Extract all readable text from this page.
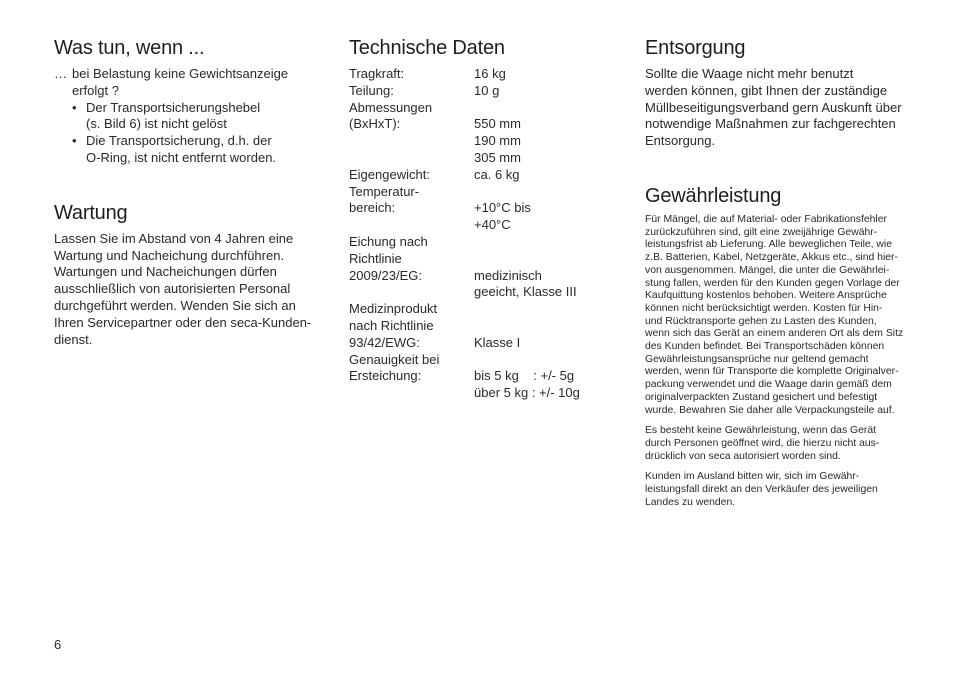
Was tun, wenn ...
… bei Belastung keine Gewichtsanzeige
erfolgt ?
• Der Transportsicherungshebel
(s. Bild 6) ist nicht gelöst
• Die Transportsicherung, d.h. der
O-Ring, ist nicht entfernt worden.
Wartung

Lassen Sie im Abstand von 4 Jahren eine

Wartung und Nacheichung durchführen.

Wartungen und Nacheichungen dürfen

ausschließlich von autorisierten Personal

durchgeführt werden. Wenden Sie sich an

Ihren Servicepartner oder den seca-Kunden-

dienst.

Technische Daten
Tragkraft:	16 kg
Teilung:	10 g
Abmessungen
(BxHxT):	550 mm
190 mm
305 mm
Eigengewicht:	ca. 6 kg
Temperatur-
bereich:	+10°C bis
+40°C
Eichung nach
Richtlinie
2009/23/EG:	medizinisch
geeicht, Klasse III
Medizinprodukt
nach Richtlinie
93/42/EWG:	Klasse I
Genauigkeit bei
Ersteichung:	bis 5 kg    : +/- 5g
über 5 kg : +/- 10g
Entsorgung

Sollte die Waage nicht mehr benutzt

werden können, gibt Ihnen der zuständige

Müllbeseitigungsverband gern Auskunft über

notwendige Maßnahmen zur fachgerechten

Entsorgung.

Gewährleistung

Für Mängel, die auf Material- oder Fabrikationsfehler

zurückzuführen sind, gilt eine zweijährige Gewähr-

leistungsfrist ab Lieferung. Alle beweglichen Teile, wie

z.B. Batterien, Kabel, Netzgeräte, Akkus etc., sind hier-

von ausgenommen. Mängel, die unter die Gewährlei-

stung fallen, werden für den Kunden gegen Vorlage der

Kaufquittung kostenlos behoben. Weitere Ansprüche

können nicht berücksichtigt werden. Kosten für Hin-

und Rücktransporte gehen zu Lasten des Kunden,

wenn sich das Gerät an einem anderen Ort als dem Sitz

des Kunden befindet. Bei Transportschäden können

Gewährleistungsansprüche nur geltend gemacht

werden, wenn für Transporte die komplette Originalver-

packung verwendet und die Waage darin gemäß dem

originalverpackten Zustand gesichert und befestigt

wurde. Bewahren Sie daher alle Verpackungsteile auf.

Es besteht keine Gewährleistung, wenn das Gerät

durch Personen geöffnet wird, die hierzu nicht aus-

drücklich von seca autorisiert worden sind.

Kunden im Ausland bitten wir, sich im Gewähr-

leistungsfall direkt an den Verkäufer des jeweiligen

Landes zu wenden.

6
